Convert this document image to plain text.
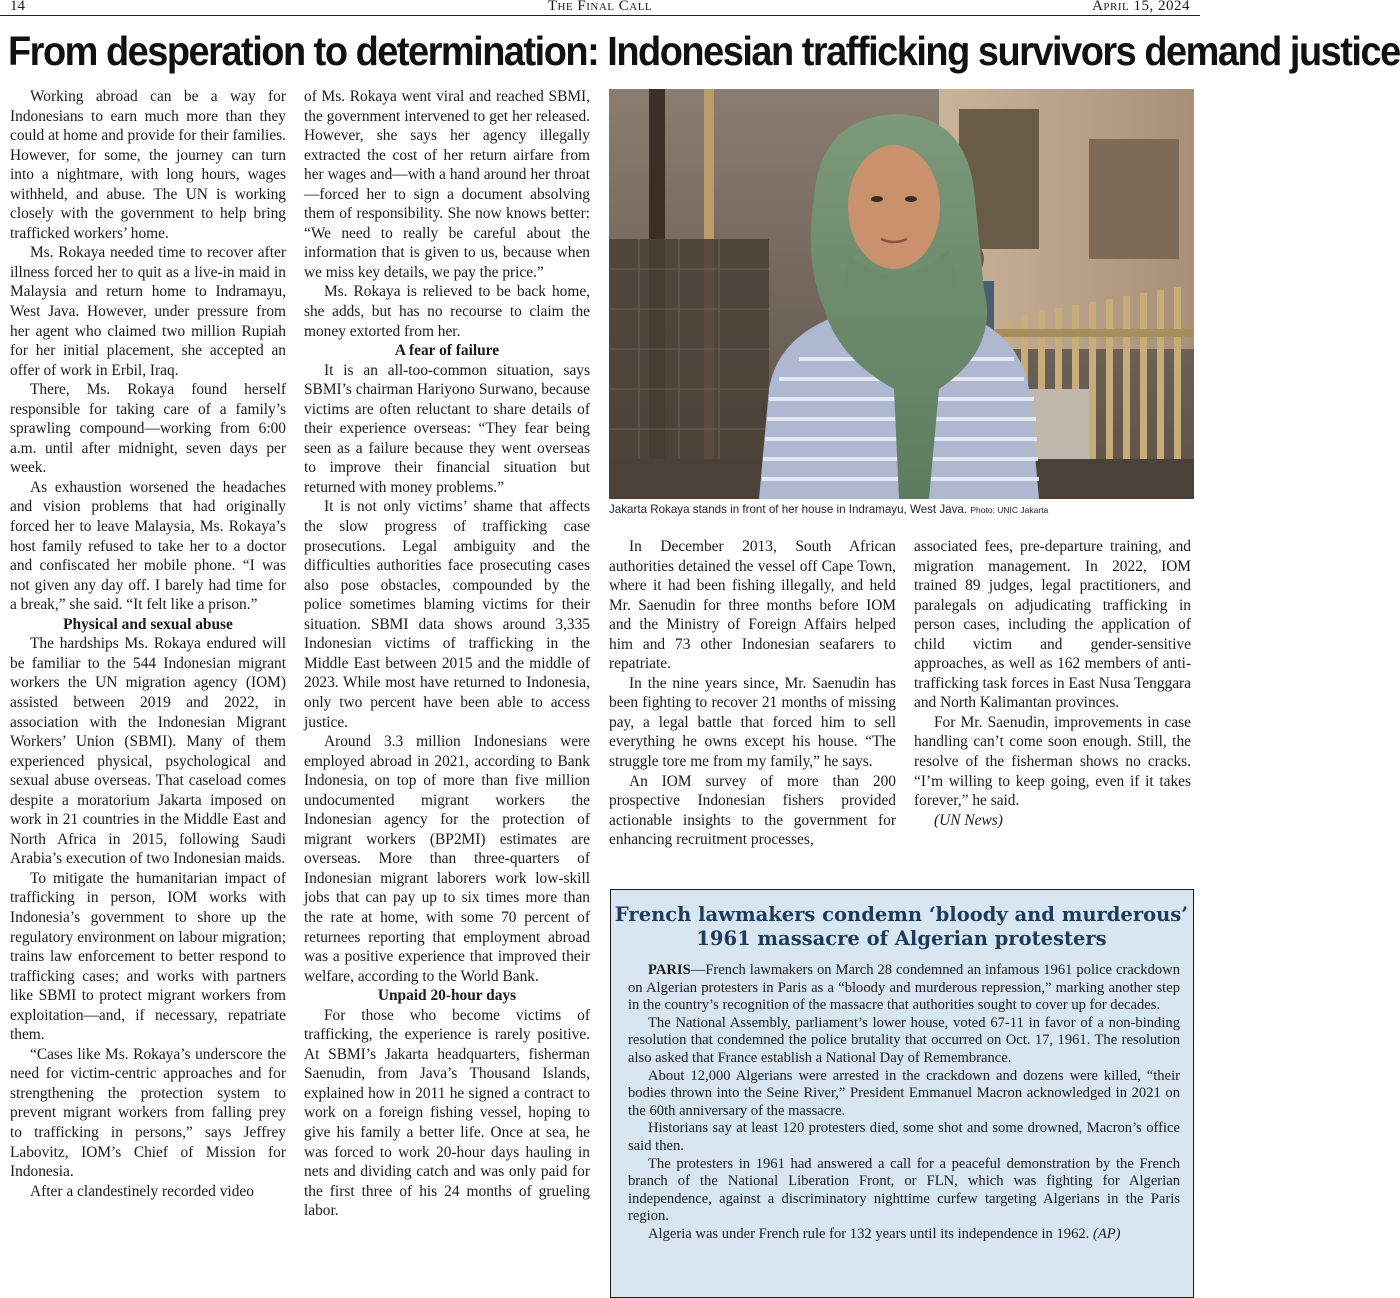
14	The Final Call	April 15, 2024
From desperation to determination: Indonesian trafficking survivors demand justice

Working abroad can be a way for Indonesians to earn much more than they could at home and provide for their families. However, for some, the journey can turn into a nightmare, with long hours, wages withheld, and abuse. The UN is working closely with the government to help bring trafficked workers’ home.

Ms. Rokaya needed time to recover after illness forced her to quit as a live-in maid in Malaysia and return home to Indramayu, West Java. However, under pressure from her agent who claimed two million Rupiah for her initial placement, she accepted an offer of work in Erbil, Iraq.

There, Ms. Rokaya found herself responsible for taking care of a family’s sprawling compound—working from 6:00 a.m. until after midnight, seven days per week.

As exhaustion worsened the headaches and vision problems that had originally forced her to leave Malaysia, Ms. Rokaya’s host family refused to take her to a doctor and confiscated her mobile phone. “I was not given any day off. I barely had time for a break,” she said. “It felt like a prison.”

Physical and sexual abuse

The hardships Ms. Rokaya endured will be familiar to the 544 Indonesian migrant workers the UN migration agency (IOM) assisted between 2019 and 2022, in association with the Indonesian Migrant Workers’ Union (SBMI). Many of them experienced physical, psychological and sexual abuse overseas. That caseload comes despite a moratorium Jakarta imposed on work in 21 countries in the Middle East and North Africa in 2015, following Saudi Arabia’s execution of two Indonesian maids.

To mitigate the humanitarian impact of trafficking in person, IOM works with Indonesia’s government to shore up the regulatory environment on labour migration; trains law enforcement to better respond to trafficking cases; and works with partners like SBMI to protect migrant workers from exploitation—and, if necessary, repatriate them.

“Cases like Ms. Rokaya’s underscore the need for victim-centric approaches and for strengthening the protection system to prevent migrant workers from falling prey to trafficking in persons,” says Jeffrey Labovitz, IOM’s Chief of Mission for Indonesia.

After a clandestinely recorded video

of Ms. Rokaya went viral and reached SBMI, the government intervened to get her released. However, she says her agency illegally extracted the cost of her return airfare from her wages and—with a hand around her throat—forced her to sign a document absolving them of responsibility. She now knows better: “We need to really be careful about the information that is given to us, because when we miss key details, we pay the price.”

Ms. Rokaya is relieved to be back home, she adds, but has no recourse to claim the money extorted from her.

A fear of failure

It is an all-too-common situation, says SBMI’s chairman Hariyono Surwano, because victims are often reluctant to share details of their experience overseas: “They fear being seen as a failure because they went overseas to improve their financial situation but returned with money problems.”

It is not only victims’ shame that affects the slow progress of trafficking case prosecutions. Legal ambiguity and the difficulties authorities face prosecuting cases also pose obstacles, compounded by the police sometimes blaming victims for their situation. SBMI data shows around 3,335 Indonesian victims of trafficking in the Middle East between 2015 and the middle of 2023. While most have returned to Indonesia, only two percent have been able to access justice.

Around 3.3 million Indonesians were employed abroad in 2021, according to Bank Indonesia, on top of more than five million undocumented migrant workers the Indonesian agency for the protection of migrant workers (BP2MI) estimates are overseas. More than three-quarters of Indonesian migrant laborers work low-skill jobs that can pay up to six times more than the rate at home, with some 70 percent of returnees reporting that employment abroad was a positive experience that improved their welfare, according to the World Bank.

Unpaid 20-hour days

For those who become victims of trafficking, the experience is rarely positive. At SBMI’s Jakarta headquarters, fisherman Saenudin, from Java’s Thousand Islands, explained how in 2011 he signed a contract to work on a foreign fishing vessel, hoping to give his family a better life. Once at sea, he was forced to work 20-hour days hauling in nets and dividing catch and was only paid for the first three of his 24 months of grueling labor.

Jakarta Rokaya stands in front of her house in Indramayu, West Java. Photo: UNIC Jakarta

In December 2013, South African authorities detained the vessel off Cape Town, where it had been fishing illegally, and held Mr. Saenudin for three months before IOM and the Ministry of Foreign Affairs helped him and 73 other Indonesian seafarers to repatriate.

In the nine years since, Mr. Saenudin has been fighting to recover 21 months of missing pay, a legal battle that forced him to sell everything he owns except his house. “The struggle tore me from my family,” he says.

An IOM survey of more than 200 prospective Indonesian fishers provided actionable insights to the government for enhancing recruitment processes,

associated fees, pre-departure training, and migration management. In 2022, IOM trained 89 judges, legal practitioners, and paralegals on adjudicating trafficking in person cases, including the application of child victim and gender-sensitive approaches, as well as 162 members of anti-trafficking task forces in East Nusa Tenggara and North Kalimantan provinces.

For Mr. Saenudin, improvements in case handling can’t come soon enough. Still, the resolve of the fisherman shows no cracks. “I’m willing to keep going, even if it takes forever,” he said.

(UN News)

French lawmakers condemn ‘bloody and murderous’ 1961 massacre of Algerian protesters

PARIS—French lawmakers on March 28 condemned an infamous 1961 police crackdown on Algerian protesters in Paris as a “bloody and murderous repression,” marking another step in the country’s recognition of the massacre that authorities sought to cover up for decades.

The National Assembly, parliament’s lower house, voted 67-11 in favor of a non-binding resolution that condemned the police brutality that occurred on Oct. 17, 1961. The resolution also asked that France establish a National Day of Remembrance.

About 12,000 Algerians were arrested in the crackdown and dozens were killed, “their bodies thrown into the Seine River,” President Emmanuel Macron acknowledged in 2021 on the 60th anniversary of the massacre.

Historians say at least 120 protesters died, some shot and some drowned, Macron’s office said then.

The protesters in 1961 had answered a call for a peaceful demonstration by the French branch of the National Liberation Front, or FLN, which was fighting for Algerian independence, against a discriminatory nighttime curfew targeting Algerians in the Paris region.

Algeria was under French rule for 132 years until its independence in 1962. (AP)
